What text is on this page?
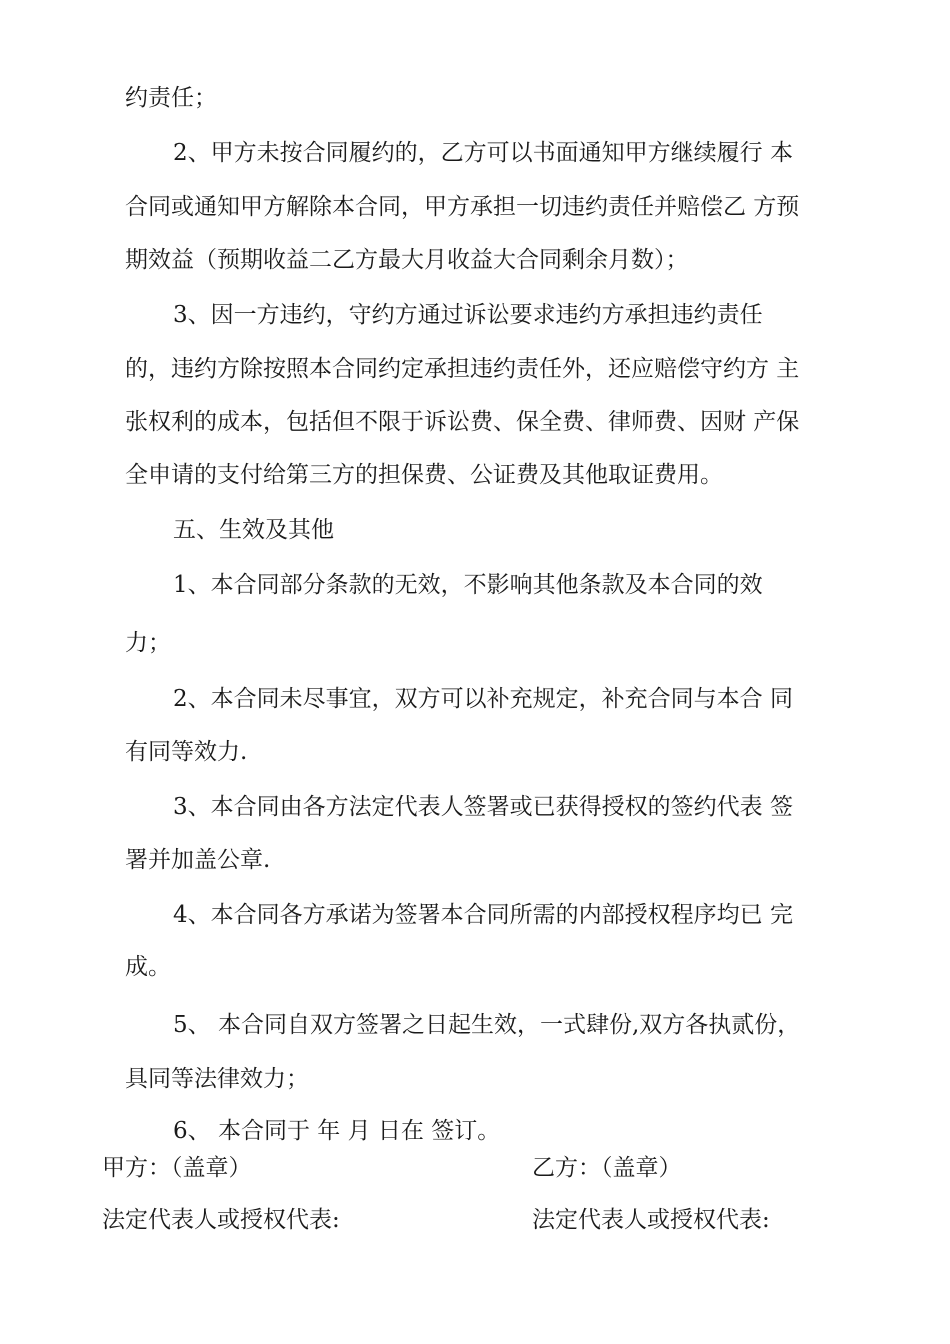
约责任；
2、甲方未按合同履约的，乙方可以书面通知甲方继续履行 本
合同或通知甲方解除本合同，甲方承担一切违约责任并赔偿乙 方预
期效益（预期收益二乙方最大月收益大合同剩余月数）；
3、因一方违约，守约方通过诉讼要求违约方承担违约责任
的，违约方除按照本合同约定承担违约责任外，还应赔偿守约方 主
张权利的成本，包括但不限于诉讼费、保全费、律师费、因财 产保
全申请的支付给第三方的担保费、公证费及其他取证费用。
五、生效及其他
1、本合同部分条款的无效，不影响其他条款及本合同的效
力；
2、本合同未尽事宜，双方可以补充规定，补充合同与本合 同
有同等效力.
3、本合同由各方法定代表人签署或已获得授权的签约代表 签
署并加盖公章.
4、本合同各方承诺为签署本合同所需的内部授权程序均已 完
成。
5、 本合同自双方签署之日起生效，一式肆份,双方各执贰份，
具同等法律效力；
6、 本合同于 年 月 日在 签订。
甲方：（盖章）	乙方：（盖章）
法定代表人或授权代表:	法定代表人或授权代表:
